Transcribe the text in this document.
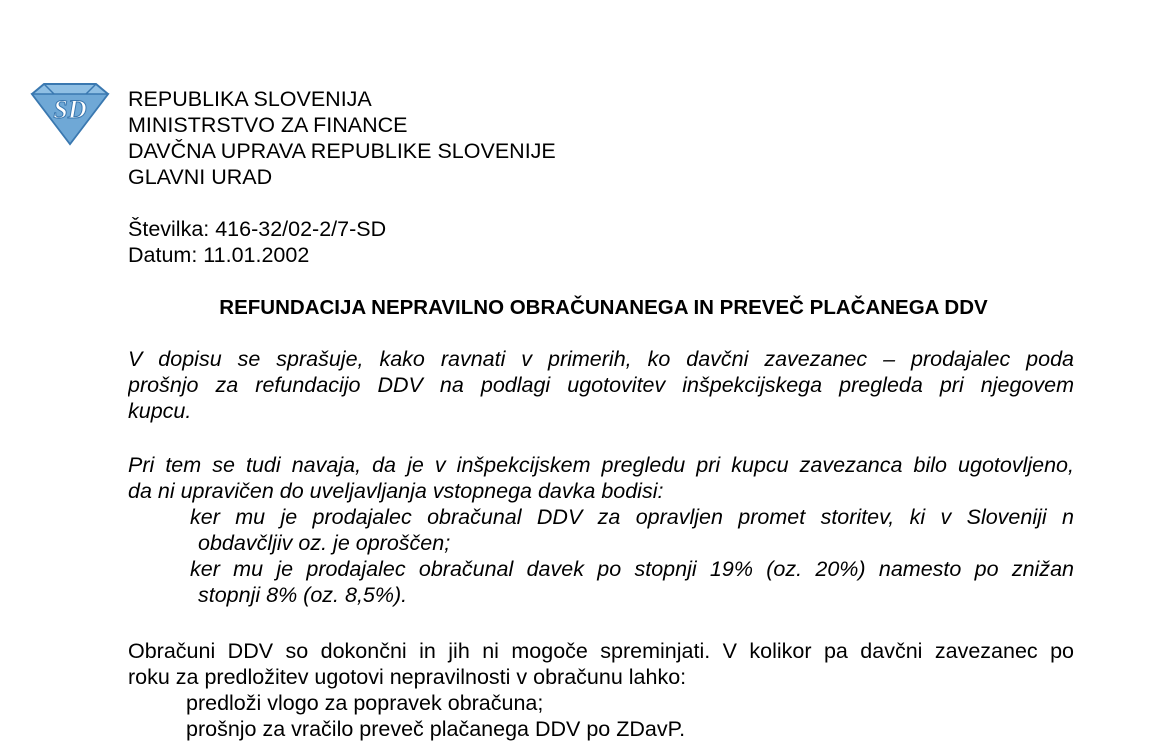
SD REPUBLIKA SLOVENIJA
MINISTRSTVO ZA FINANCE
DAVČNA UPRAVA REPUBLIKE SLOVENIJE
GLAVNI URAD
Številka: 416-32/02-2/7-SD
Datum: 11.01.2002
REFUNDACIJA NEPRAVILNO OBRAČUNANEGA IN PREVEČ PLAČANEGA DDV
V dopisu se sprašuje, kako ravnati v primerih, ko davčni zavezanec – prodajalec poda
prošnjo za refundacijo DDV na podlagi ugotovitev inšpekcijskega pregleda pri njegovem
kupcu.
Pri tem se tudi navaja, da je v inšpekcijskem pregledu pri kupcu zavezanca bilo ugotovljeno,
da ni upravičen do uveljavljanja vstopnega davka bodisi:
ker mu je prodajalec obračunal DDV za opravljen promet storitev, ki v Sloveniji n
obdavčljiv oz. je oproščen;
ker mu je prodajalec obračunal davek po stopnji 19% (oz. 20%) namesto po znižan
stopnji 8% (oz. 8,5%).
Obračuni DDV so dokončni in jih ni mogoče spreminjati. V kolikor pa davčni zavezanec po
roku za predložitev ugotovi nepravilnosti v obračunu lahko:
predloži vlogo za popravek obračuna;
prošnjo za vračilo preveč plačanega DDV po ZDavP.
